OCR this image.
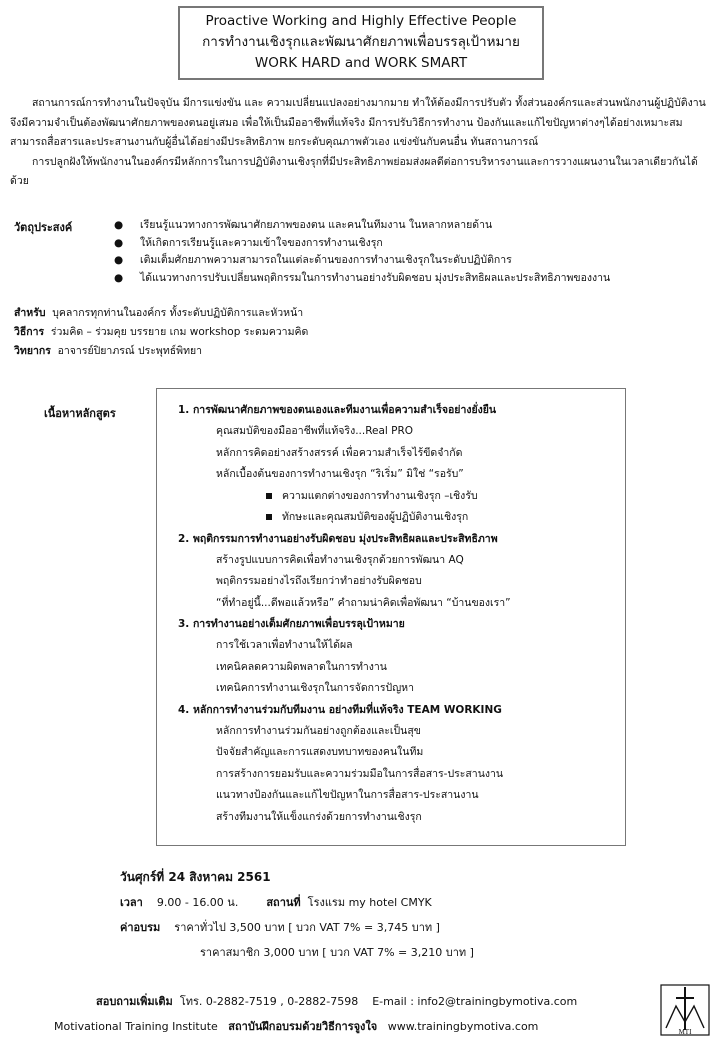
Proactive Working and Highly Effective People
การทำงานเชิงรุกและพัฒนาศักยภาพเพื่อบรรลุเป้าหมาย
WORK HARD and WORK SMART

สถานการณ์การทำงานในปัจจุบัน มีการแข่งขัน และ ความเปลี่ยนแปลงอย่างมากมาย ทำให้ต้องมีการปรับตัว ทั้งส่วนองค์กรและส่วนพนักงานผู้ปฏิบัติงานจึงมีความจำเป็นต้องพัฒนาศักยภาพของตนอยู่เสมอ เพื่อให้เป็นมืออาชีพที่แท้จริง มีการปรับวิธีการทำงาน ป้องกันและแก้ไขปัญหาต่างๆได้อย่างเหมาะสม สามารถสื่อสารและประสานงานกับผู้อื่นได้อย่างมีประสิทธิภาพ ยกระดับคุณภาพตัวเอง แข่งขันกับคนอื่น ทันสถานการณ์

การปลูกฝังให้พนักงานในองค์กรมีหลักการในการปฏิบัติงานเชิงรุกที่มีประสิทธิภาพย่อมส่งผลดีต่อการบริหารงานและการวางแผนงานในเวลาเดียวกันได้ด้วย

วัตถุประสงค์	● เรียนรู้แนวทางการพัฒนาศักยภาพของตน และคนในทีมงาน ในหลากหลายด้าน
● ให้เกิดการเรียนรู้และความเข้าใจของการทำงานเชิงรุก
● เติมเต็มศักยภาพความสามารถในแต่ละด้านของการทำงานเชิงรุกในระดับปฏิบัติการ
● ได้แนวทางการปรับเปลี่ยนพฤติกรรมในการทำงานอย่างรับผิดชอบ มุ่งประสิทธิผลและประสิทธิภาพของงาน
สำหรับ บุคลากรทุกท่านในองค์กร ทั้งระดับปฏิบัติการและหัวหน้า
วิธีการ ร่วมคิด – ร่วมคุย บรรยาย เกม workshop ระดมความคิด
วิทยากร อาจารย์ปิยาภรณ์ ประพุทธ์พิทยา
เนื้อหาหลักสูตร	1. การพัฒนาศักยภาพของตนเองและทีมงานเพื่อความสำเร็จอย่างยั่งยืน
คุณสมบัติของมืออาชีพที่แท้จริง...Real PRO
หลักการคิดอย่างสร้างสรรค์ เพื่อความสำเร็จไร้ขีดจำกัด
หลักเบื้องต้นของการทำงานเชิงรุก “ริเริ่ม” มิใช่ “รอรับ”
ความแตกต่างของการทำงานเชิงรุก –เชิงรับ
ทักษะและคุณสมบัติของผู้ปฏิบัติงานเชิงรุก
2. พฤติกรรมการทำงานอย่างรับผิดชอบ มุ่งประสิทธิผลและประสิทธิภาพ
สร้างรูปแบบการคิดเพื่อทำงานเชิงรุกด้วยการพัฒนา AQ
พฤติกรรมอย่างไรถึงเรียกว่าทำอย่างรับผิดชอบ
“ที่ทำอยู่นี้...ดีพอแล้วหรือ” คำถามน่าคิดเพื่อพัฒนา “บ้านของเรา”
3. การทำงานอย่างเต็มศักยภาพเพื่อบรรลุเป้าหมาย
การใช้เวลาเพื่อทำงานให้ได้ผล
เทคนิคลดความผิดพลาดในการทำงาน
เทคนิคการทำงานเชิงรุกในการจัดการปัญหา
4. หลักการทำงานร่วมกับทีมงาน อย่างทีมที่แท้จริง TEAM WORKING
หลักการทำงานร่วมกันอย่างถูกต้องและเป็นสุข
ปัจจัยสำคัญและการแสดงบทบาทของคนในทีม
การสร้างการยอมรับและความร่วมมือในการสื่อสาร-ประสานงาน
แนวทางป้องกันและแก้ไขปัญหาในการสื่อสาร-ประสานงาน
สร้างทีมงานให้แข็งแกร่งด้วยการทำงานเชิงรุก
วันศุกร์ที่ 24 สิงหาคม 2561
เวลา 9.00 - 16.00 น.	สถานที่ โรงแรม my hotel CMYK
ค่าอบรม ราคาทั่วไป 3,500 บาท [ บวก VAT 7% = 3,745 บาท ]
ราคาสมาชิก 3,000 บาท [ บวก VAT 7% = 3,210 บาท ]
สอบถามเพิ่มเติม โทร. 0-2882-7519 , 0-2882-7598 E-mail : info2@trainingbymotiva.com
Motivational Training Institute สถาบันฝึกอบรมด้วยวิธีการจูงใจ www.trainingbymotiva.com	MTI
